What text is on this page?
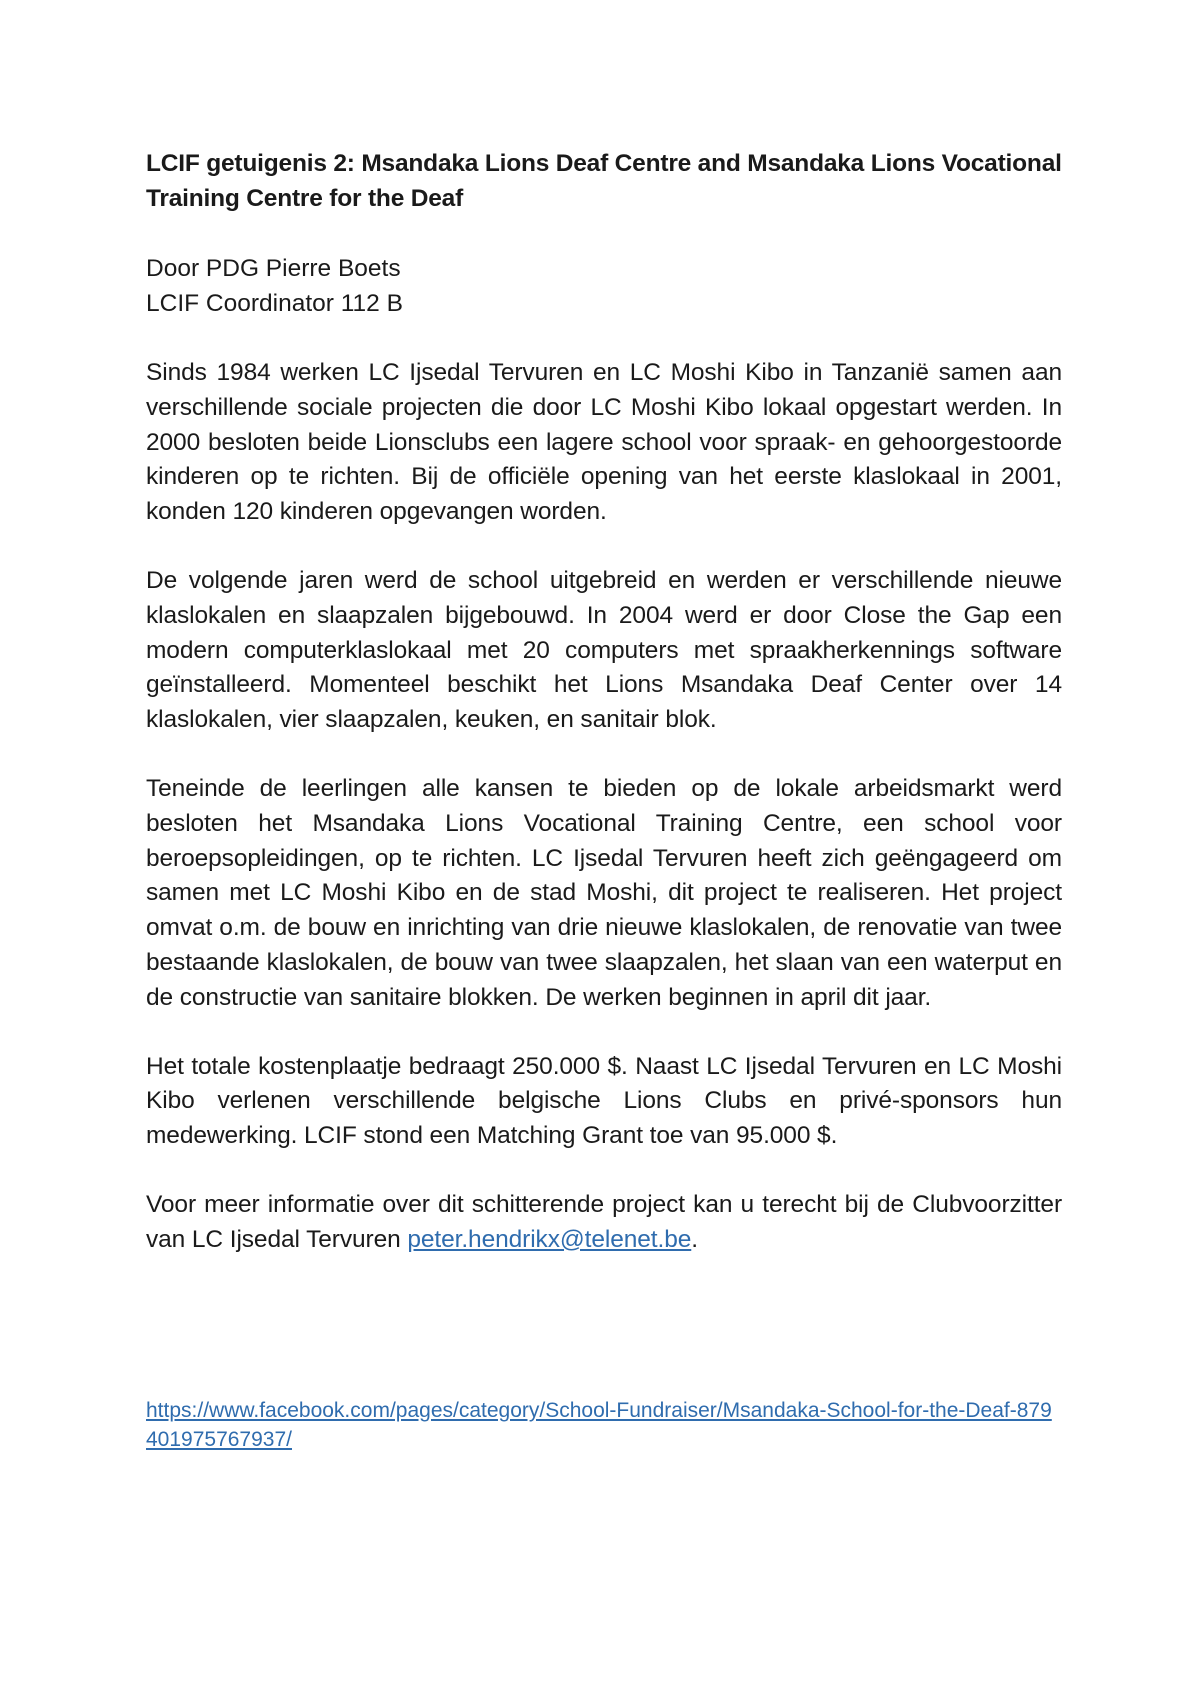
LCIF getuigenis 2: Msandaka Lions Deaf Centre and Msandaka Lions Vocational Training Centre for the Deaf
Door PDG Pierre Boets
LCIF Coordinator 112 B

Sinds 1984 werken LC Ijsedal Tervuren en LC Moshi Kibo in Tanzanië samen aan verschillende sociale projecten die door LC Moshi Kibo lokaal opgestart werden. In 2000 besloten beide Lionsclubs een lagere school voor spraak- en gehoorgestoorde kinderen op te richten. Bij de officiële opening van het eerste klaslokaal in 2001, konden 120 kinderen opgevangen worden.

De volgende jaren werd de school uitgebreid en werden er verschillende nieuwe klaslokalen en slaapzalen bijgebouwd. In 2004 werd er door Close the Gap een modern computerklaslokaal met 20 computers met spraakherkennings software geïnstalleerd. Momenteel beschikt het Lions Msandaka Deaf Center over 14 klaslokalen, vier slaapzalen, keuken, en sanitair blok.

Teneinde de leerlingen alle kansen te bieden op de lokale arbeidsmarkt werd besloten het Msandaka Lions Vocational Training Centre, een school voor beroepsopleidingen, op te richten. LC Ijsedal Tervuren heeft zich geëngageerd om samen met LC Moshi Kibo en de stad Moshi, dit project te realiseren. Het project omvat o.m. de bouw en inrichting van drie nieuwe klaslokalen, de renovatie van twee bestaande klaslokalen, de bouw van twee slaapzalen, het slaan van een waterput en de constructie van sanitaire blokken. De werken beginnen in april dit jaar.

Het totale kostenplaatje bedraagt 250.000 $. Naast LC Ijsedal Tervuren en LC Moshi Kibo verlenen verschillende belgische Lions Clubs en privé-sponsors hun medewerking. LCIF stond een Matching Grant toe van 95.000 $.

Voor meer informatie over dit schitterende project kan u terecht bij de Clubvoorzitter van LC Ijsedal Tervuren peter.hendrikx@telenet.be.

https://www.facebook.com/pages/category/School-Fundraiser/Msandaka-School-for-the-Deaf-879401975767937/
